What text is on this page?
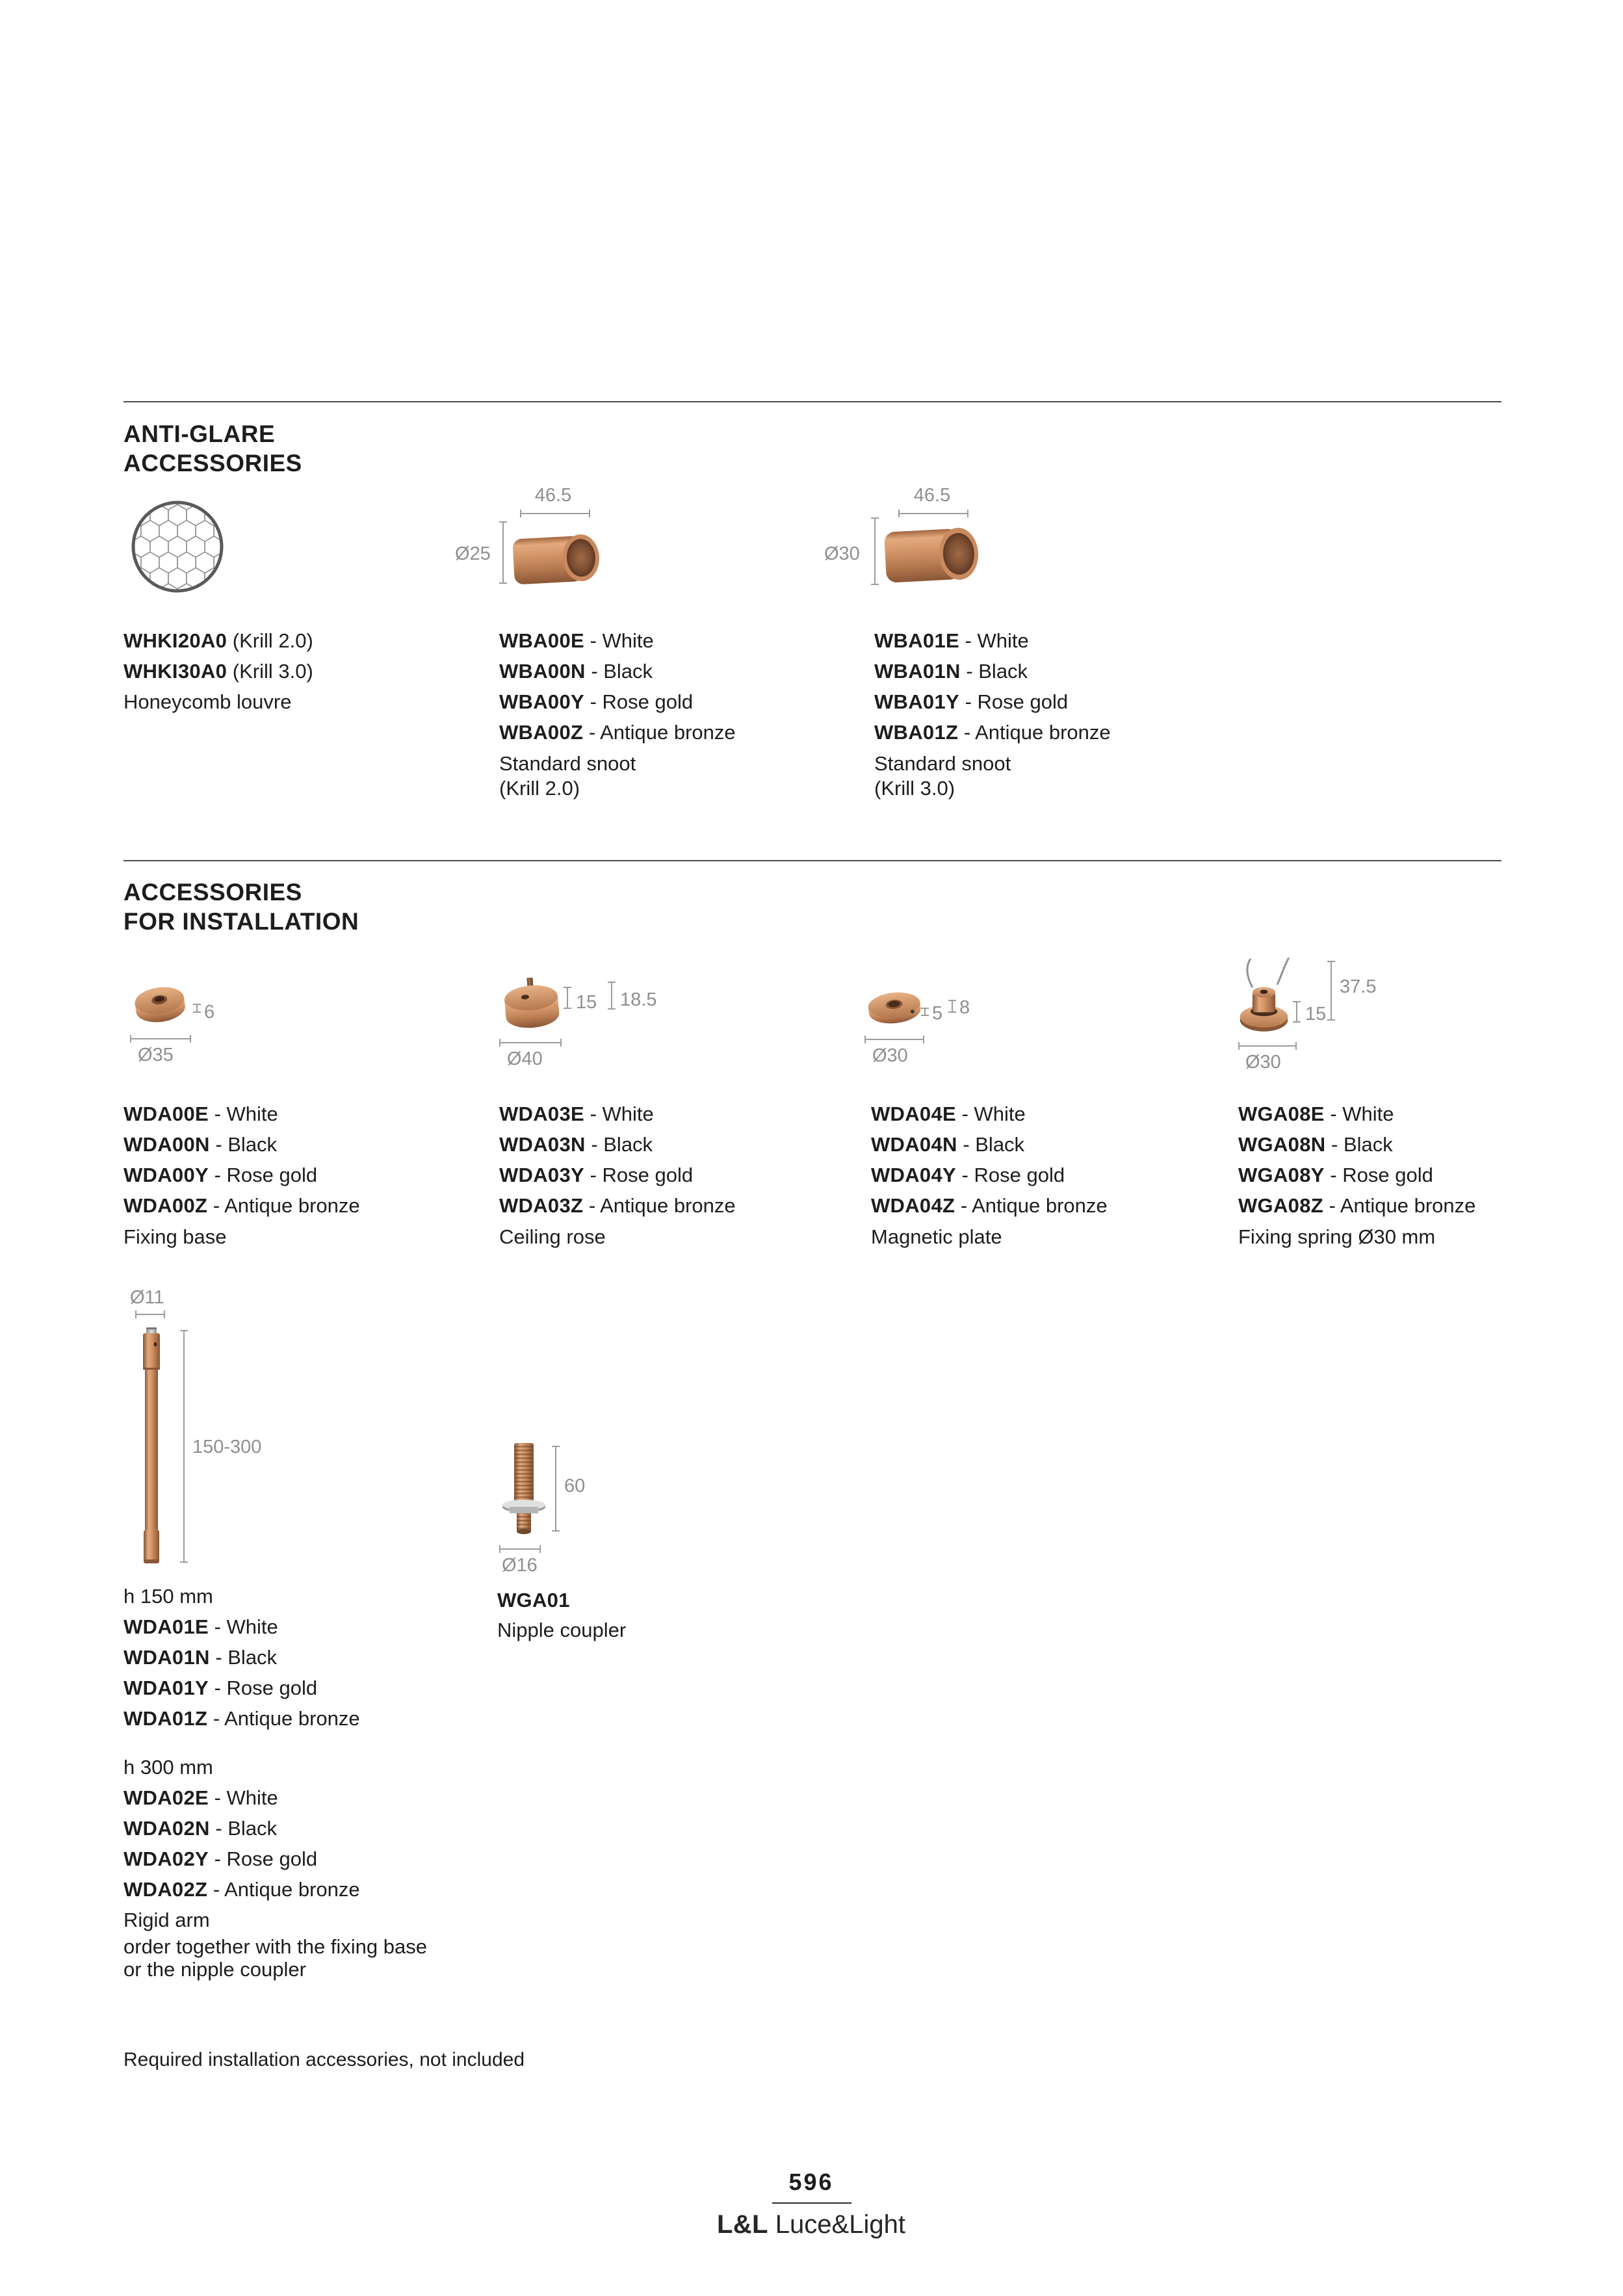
ANTI-GLARE
ACCESSORIES
46.5
Ø25
46.5
Ø30
WHKI20A0 (Krill 2.0)
WHKI30A0 (Krill 3.0)
Honeycomb louvre
WBA00E - White
WBA00N - Black
WBA00Y - Rose gold
WBA00Z - Antique bronze
Standard snoot
(Krill 2.0)
WBA01E - White
WBA01N - Black
WBA01Y - Rose gold
WBA01Z - Antique bronze
Standard snoot
(Krill 3.0)
ACCESSORIES
FOR INSTALLATION
6
Ø35
15 18.5
Ø40
5 8
Ø30
15
37.5
Ø30
WDA00E - White
WDA00N - Black
WDA00Y - Rose gold
WDA00Z - Antique bronze
Fixing base
WDA03E - White
WDA03N - Black
WDA03Y - Rose gold
WDA03Z - Antique bronze
Ceiling rose
WDA04E - White
WDA04N - Black
WDA04Y - Rose gold
WDA04Z - Antique bronze
Magnetic plate
WGA08E - White
WGA08N - Black
WGA08Y - Rose gold
WGA08Z - Antique bronze
Fixing spring Ø30 mm
Ø11
150-300
60
Ø16
WGA01
Nipple coupler
h 150 mm
WDA01E - White
WDA01N - Black
WDA01Y - Rose gold
WDA01Z - Antique bronze
h 300 mm
WDA02E - White
WDA02N - Black
WDA02Y - Rose gold
WDA02Z - Antique bronze
Rigid arm
order together with the fixing base or the nipple coupler
Required installation accessories, not included
596
L&L Luce&Light
